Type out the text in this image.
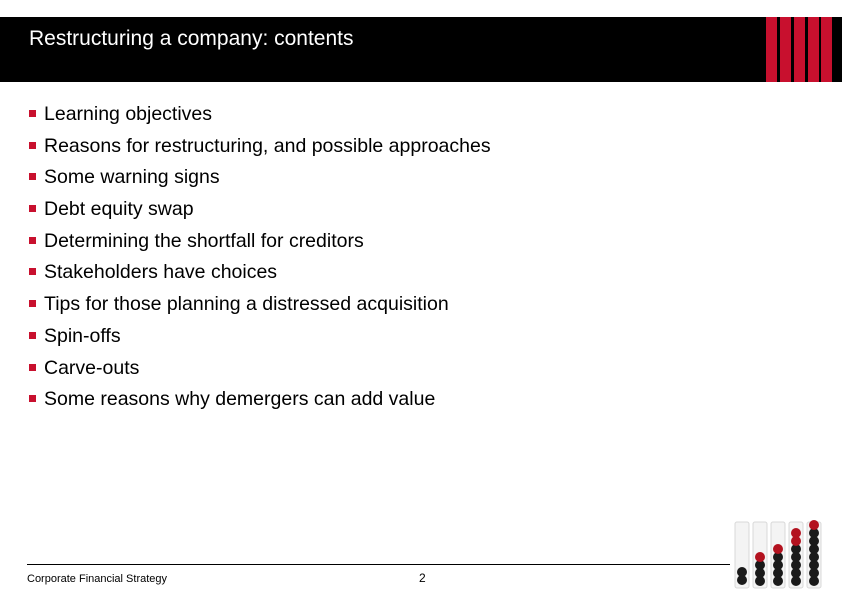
Restructuring a company: contents
Learning objectives
Reasons for restructuring, and possible approaches
Some warning signs
Debt equity swap
Determining the shortfall for creditors
Stakeholders have choices
Tips for those planning a distressed acquisition
Spin-offs
Carve-outs
Some reasons why demergers can add value
Corporate Financial Strategy	2
